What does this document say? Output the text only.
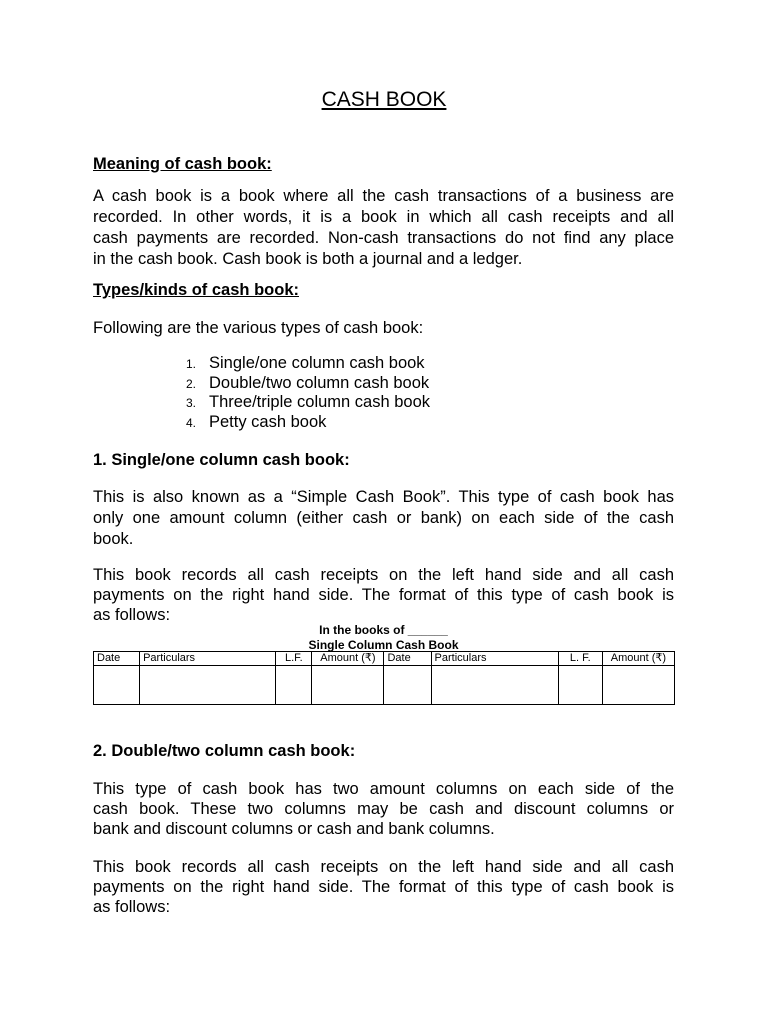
CASH BOOK
Meaning of cash book:
A cash book is a book where all the cash transactions of a business are
recorded. In other words, it is a book in which all cash receipts and all
cash payments are recorded. Non-cash transactions do not find any place
in the cash book. Cash book is both a journal and a ledger.
Types/kinds of cash book:
Following are the various types of cash book:
1. Single/one column cash book
2. Double/two column cash book
3. Three/triple column cash book
4. Petty cash book
1. Single/one column cash book:
This is also known as a “Simple Cash Book”. This type of cash book has
only one amount column (either cash or bank) on each side of the cash
book.
This book records all cash receipts on the left hand side and all cash
payments on the right hand side. The format of this type of cash book is
as follows:
In the books of ______
Single Column Cash Book
Date	Particulars	L.F.	Amount (₹)	Date	Particulars	L. F.	Amount (₹)

2. Double/two column cash book:
This type of cash book has two amount columns on each side of the
cash book. These two columns may be cash and discount columns or
bank and discount columns or cash and bank columns.
This book records all cash receipts on the left hand side and all cash
payments on the right hand side. The format of this type of cash book is
as follows:
